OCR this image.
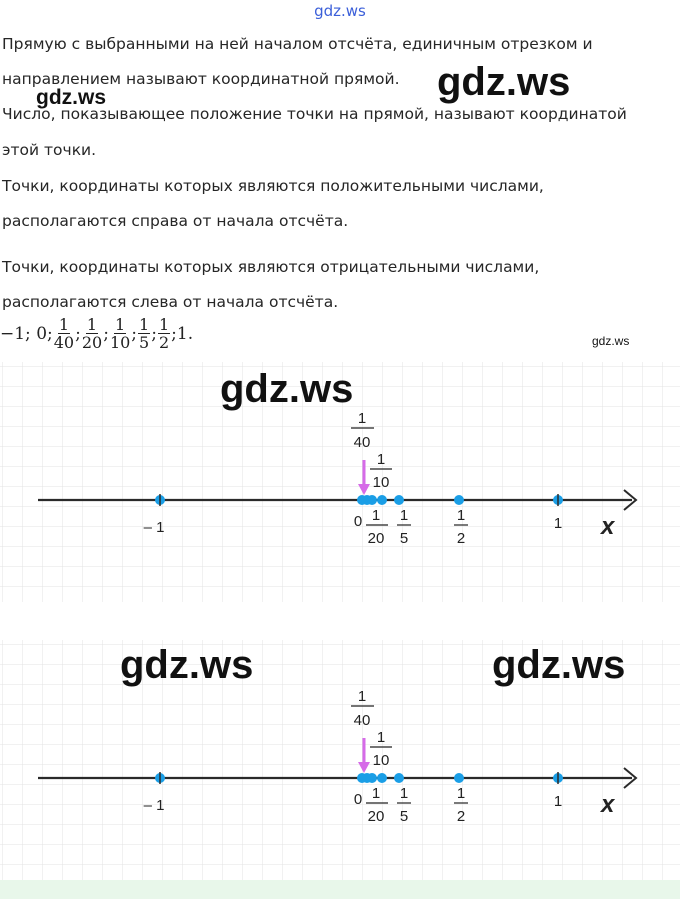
gdz.ws
Прямую с выбранными на ней началом отсчёта, единичным отрезком и
направлением называют координатной прямой.
Число, показывающее положение точки на прямой, называют координатой
этой точки.
Точки, координаты которых являются положительными числами,
располагаются справа от начала отсчёта.
Точки, координаты которых являются отрицательными числами,
располагаются слева от начала отсчёта.
gdz.ws
gdz.ws
gdz.ws
−1; 0; $\frac{1}{40}$ ; $\frac{1}{20}$ ; $\frac{1}{10}$ ; $\frac{1}{5}$ ; $\frac{1}{2}$ ; 1.
1
40
1
10
– 1	0 1
20
1
5
1
2
1 x
gdz.ws
1
40
1
10
– 1	0 1
20
1
5
1
2
1 x
gdz.ws	gdz.ws
